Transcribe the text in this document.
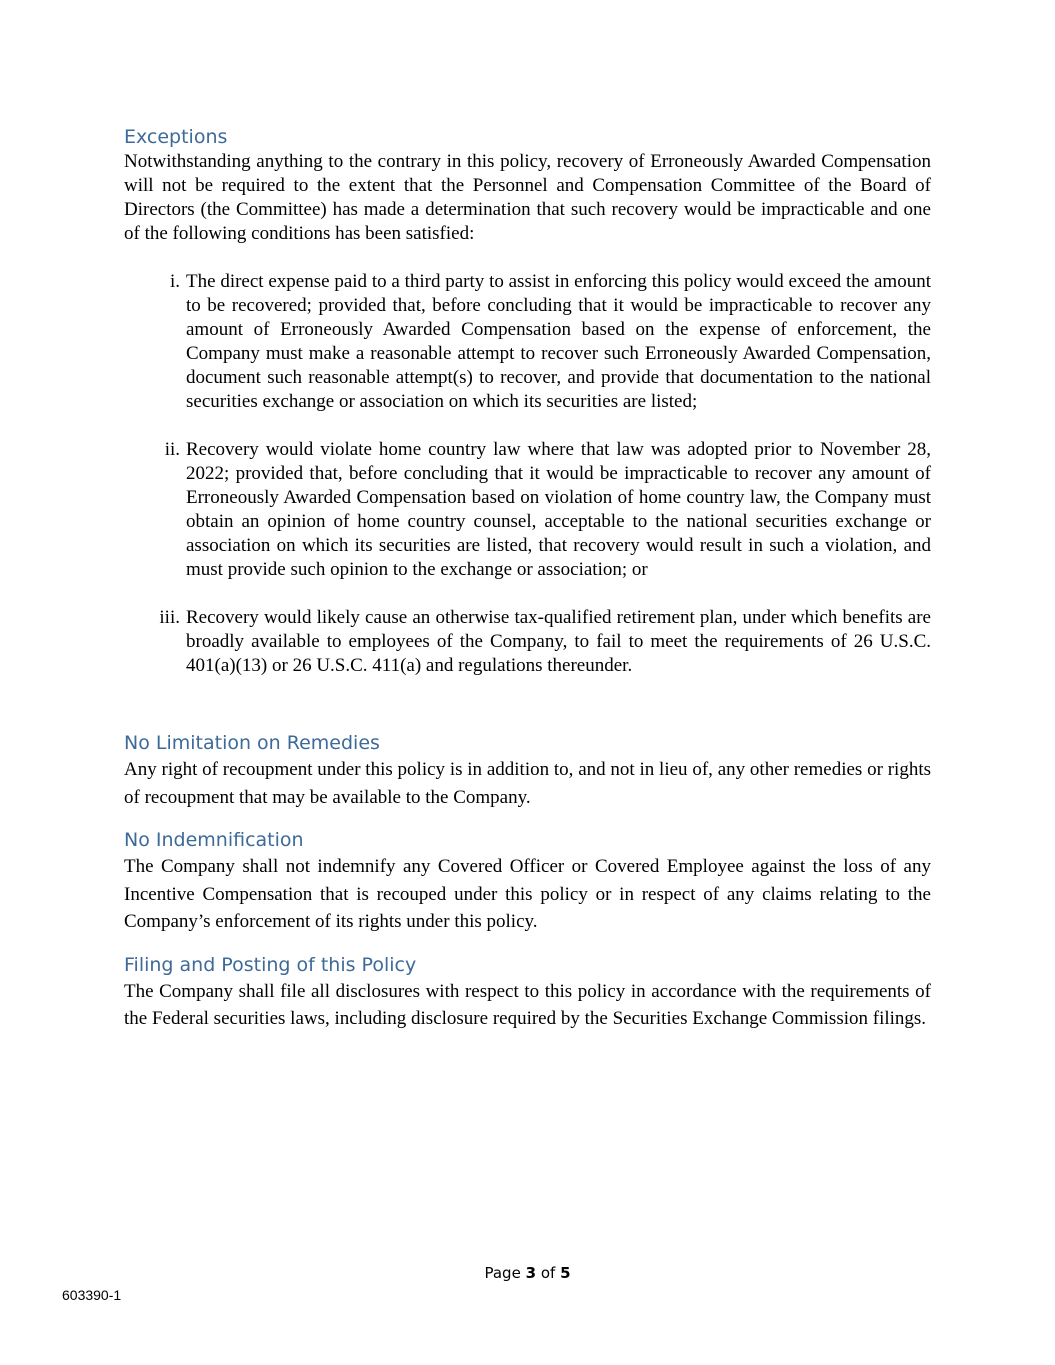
Exceptions

Notwithstanding anything to the contrary in this policy, recovery of Erroneously Awarded Compensation will not be required to the extent that the Personnel and Compensation Committee of the Board of Directors (the Committee) has made a determination that such recovery would be impracticable and one of the following conditions has been satisfied:

i. The direct expense paid to a third party to assist in enforcing this policy would exceed the amount to be recovered; provided that, before concluding that it would be impracticable to recover any amount of Erroneously Awarded Compensation based on the expense of enforcement, the Company must make a reasonable attempt to recover such Erroneously Awarded Compensation, document such reasonable attempt(s) to recover, and provide that documentation to the national securities exchange or association on which its securities are listed;
ii. Recovery would violate home country law where that law was adopted prior to November 28, 2022; provided that, before concluding that it would be impracticable to recover any amount of Erroneously Awarded Compensation based on violation of home country law, the Company must obtain an opinion of home country counsel, acceptable to the national securities exchange or association on which its securities are listed, that recovery would result in such a violation, and must provide such opinion to the exchange or association; or
iii. Recovery would likely cause an otherwise tax-qualified retirement plan, under which benefits are broadly available to employees of the Company, to fail to meet the requirements of 26 U.S.C. 401(a)(13) or 26 U.S.C. 411(a) and regulations thereunder.
No Limitation on Remedies

Any right of recoupment under this policy is in addition to, and not in lieu of, any other remedies or rights of recoupment that may be available to the Company.

No Indemnification

The Company shall not indemnify any Covered Officer or Covered Employee against the loss of any Incentive Compensation that is recouped under this policy or in respect of any claims relating to the Company’s enforcement of its rights under this policy.

Filing and Posting of this Policy

The Company shall file all disclosures with respect to this policy in accordance with the requirements of the Federal securities laws, including disclosure required by the Securities Exchange Commission filings.

Page 3 of 5
603390-1
